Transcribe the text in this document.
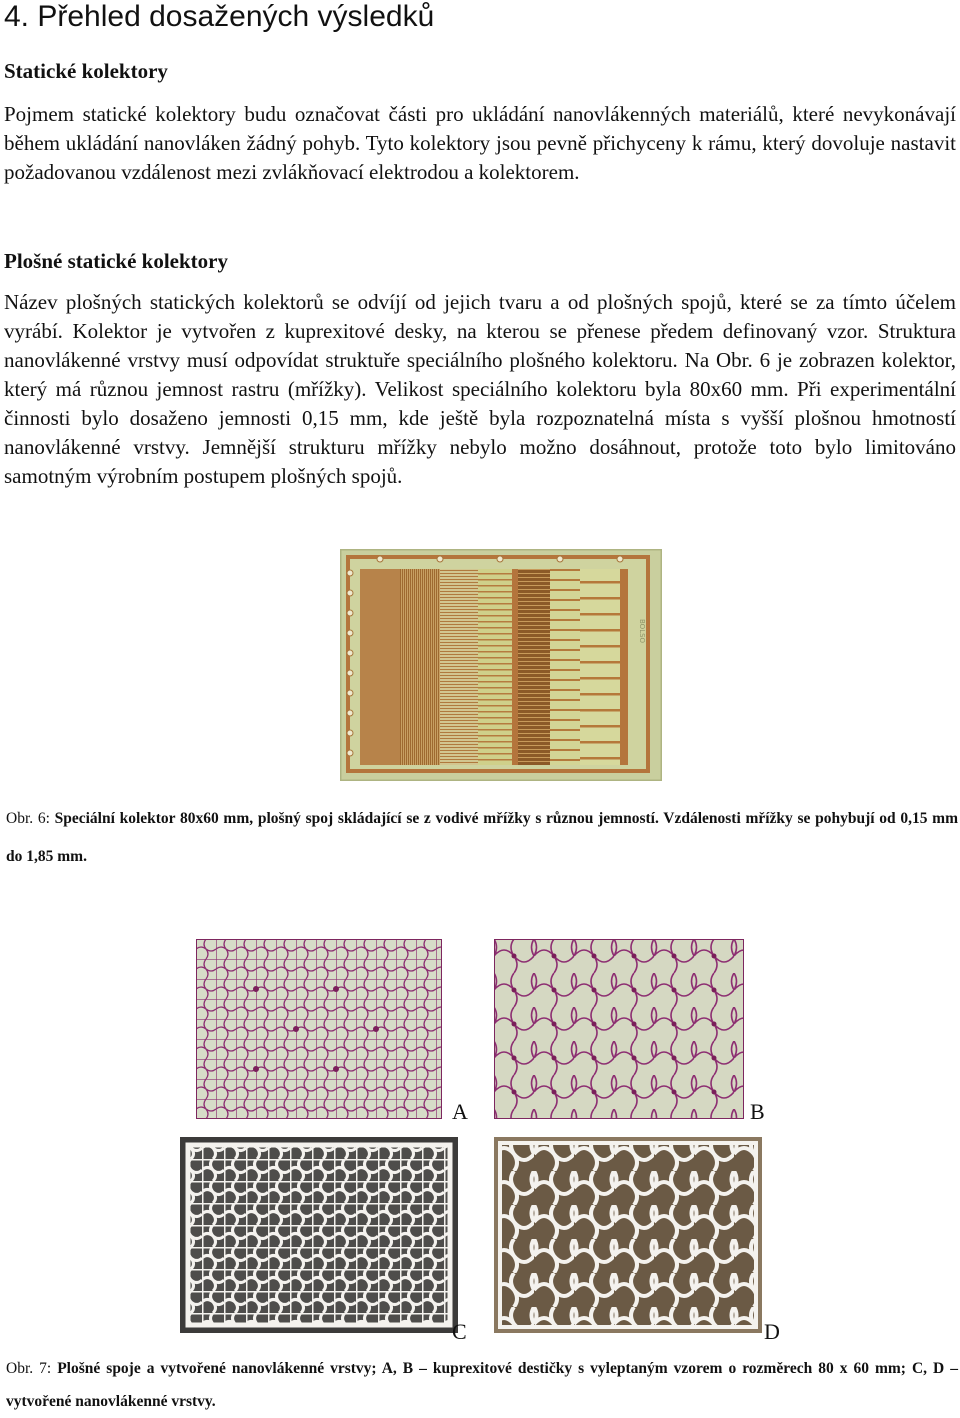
4. Přehled dosažených výsledků
Statické kolektory

Pojmem statické kolektory budu označovat části pro ukládání nanovlákenných materiálů, které nevykonávají během ukládání nanovláken žádný pohyb. Tyto kolektory jsou pevně přichyceny k rámu, který dovoluje nastavit požadovanou vzdálenost mezi zvlákňovací elektrodou a kolektorem.

Plošné statické kolektory

Název plošných statických kolektorů se odvíjí od jejich tvaru a od plošných spojů, které se za tímto účelem vyrábí. Kolektor je vytvořen z kuprexitové desky, na kterou se přenese předem definovaný vzor. Struktura nanovlákenné vrstvy musí odpovídat struktuře speciálního plošného kolektoru. Na Obr. 6 je zobrazen kolektor, který má různou jemnost rastru (mřížky). Velikost speciálního kolektoru byla 80x60 mm. Při experimentální činnosti bylo dosaženo jemnosti 0,15 mm, kde ještě byla rozpoznatelná místa s vyšší plošnou hmotností nanovlákenné vrstvy. Jemnější strukturu mřížky nebylo možno dosáhnout, protože toto bylo limitováno samotným výrobním postupem plošných spojů.

BOLSO

Obr. 6: Speciální kolektor 80x60 mm, plošný spoj skládající se z vodivé mřížky s různou jemností. Vzdálenosti mřížky se pohybují od 0,15 mm do 1,85 mm.

A	B
C	D

Obr. 7: Plošné spoje a vytvořené nanovlákenné vrstvy; A, B – kuprexitové destičky s vyleptaným vzorem o rozměrech 80 x 60 mm; C, D – vytvořené nanovlákenné vrstvy.
